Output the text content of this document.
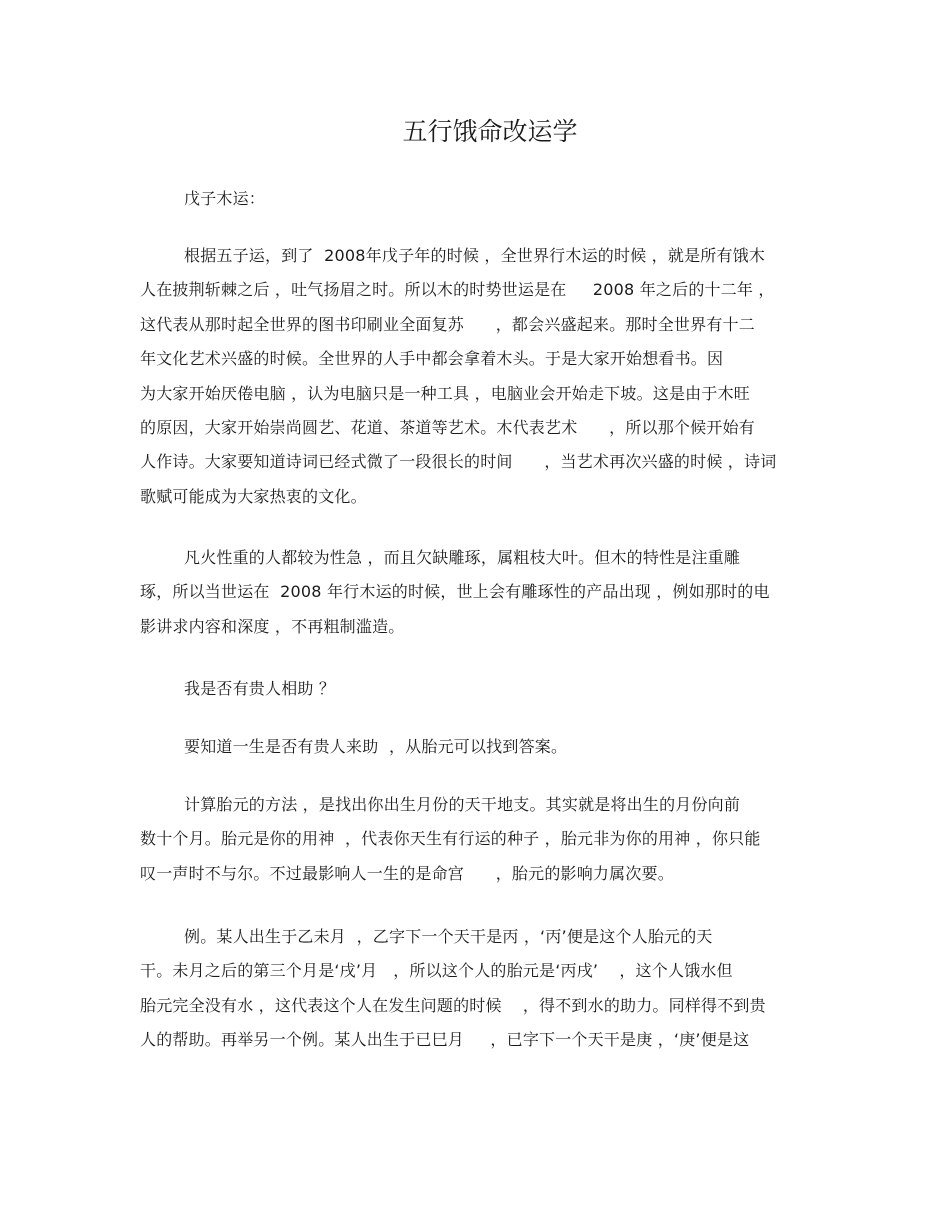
五行饿命改运学
戊子木运：
根据五子运，到了  2008年戊子年的时候 ，全世界行木运的时候 ，就是所有饿木
人在披荆斩棘之后 ，吐气扬眉之时。所以木的时势世运是在     2008 年之后的十二年 ，
这代表从那时起全世界的图书印刷业全面复苏      ，都会兴盛起来。那时全世界有十二
年文化艺术兴盛的时候。全世界的人手中都会拿着木头。于是大家开始想看书。因
为大家开始厌倦电脑 ，认为电脑只是一种工具 ，电脑业会开始走下坡。这是由于木旺
的原因，大家开始崇尚圆艺、花道、茶道等艺术。木代表艺术      ，所以那个候开始有
人作诗。大家要知道诗词已经式微了一段很长的时间      ，当艺术再次兴盛的时候 ，诗词
歌赋可能成为大家热衷的文化。
凡火性重的人都较为性急 ，而且欠缺雕琢，属粗枝大叶。但木的特性是注重雕
琢，所以当世运在  2008 年行木运的时候，世上会有雕琢性的产品出现 ，例如那时的电
影讲求内容和深度 ，不再粗制滥造。
我是否有贵人相助 ？
要知道一生是否有贵人来助  ，从胎元可以找到答案。
计算胎元的方法 ，是找出你出生月份的天干地支。其实就是将出生的月份向前
数十个月。胎元是你的用神  ，代表你天生有行运的种子 ，胎元非为你的用神 ，你只能
叹一声时不与尔。不过最影响人一生的是命宫      ，胎元的影响力属次要。
例。某人出生于乙未月  ，乙字下一个天干是丙 ，‘丙’便是这个人胎元的天
干。未月之后的第三个月是‘戌’月   ，所以这个人的胎元是‘丙戌’    ，这个人饿水但
胎元完全没有水 ，这代表这个人在发生问题的时候    ，得不到水的助力。同样得不到贵
人的帮助。再举另一个例。某人出生于已巳月     ，已字下一个天干是庚 ，‘庚’便是这
